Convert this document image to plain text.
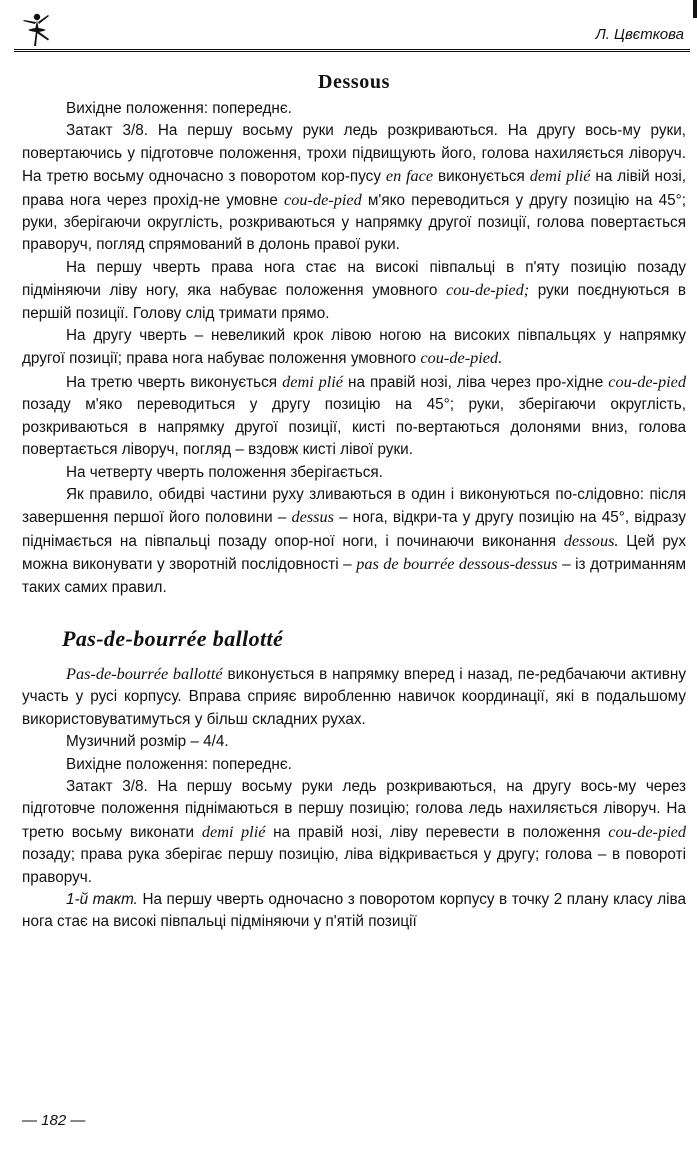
Л. Цвєткова
Dessous

Вихідне положення: попереднє.

Затакт 3/8. На першу восьму руки ледь розкриваються. На другу вось-му руки, повертаючись у підготовче положення, трохи підвищують його, голова нахиляється ліворуч. На третю восьму одночасно з поворотом кор-пусу en face виконується demi plié на лівій нозі, права нога через прохід-не умовне cou-de-pied м'яко переводиться у другу позицію на 45°; руки, зберігаючи округлість, розкриваються у напрямку другої позиції, голова повертається праворуч, погляд спрямований в долонь правої руки.

На першу чверть права нога стає на високі півпальці в п'яту позицію позаду підміняючи ліву ногу, яка набуває положення умовного cou-de-pied; руки поєднуються в першій позиції. Голову слід тримати прямо.

На другу чверть – невеликий крок лівою ногою на високих півпальцях у напрямку другої позиції; права нога набуває положення умовного cou-de-pied.

На третю чверть виконується demi plié на правій нозі, ліва через про-хідне cou-de-pied позаду м'яко переводиться у другу позицію на 45°; руки, зберігаючи округлість, розкриваються в напрямку другої позиції, кисті по-вертаються долонями вниз, голова повертається ліворуч, погляд – вздовж кисті лівої руки.

На четверту чверть положення зберігається.

Як правило, обидві частини руху зливаються в один і виконуються по-слідовно: після завершення першої його половини – dessus – нога, відкри-та у другу позицію на 45°, відразу піднімається на півпальці позаду опор-ної ноги, і починаючи виконання dessous. Цей рух можна виконувати у зворотній послідовності – pas de bourrée dessous-dessus – із дотриманням таких самих правил.

Pas-de-bourrée ballotté

Pas-de-bourrée ballotté виконується в напрямку вперед і назад, пе-редбачаючи активну участь у русі корпусу. Вправа сприяє виробленню навичок координації, які в подальшому використовуватимуться у більш складних рухах.

Музичний розмір – 4/4.

Вихідне положення: попереднє.

Затакт 3/8. На першу восьму руки ледь розкриваються, на другу вось-му через підготовче положення піднімаються в першу позицію; голова ледь нахиляється ліворуч. На третю восьму виконати demi plié на правій нозі, ліву перевести в положення cou-de-pied позаду; права рука зберігає першу позицію, ліва відкривається у другу; голова – в повороті праворуч.

1-й такт. На першу чверть одночасно з поворотом корпусу в точку 2 плану класу ліва нога стає на високі півпальці підміняючи у п'ятій позиції

— 182 —
